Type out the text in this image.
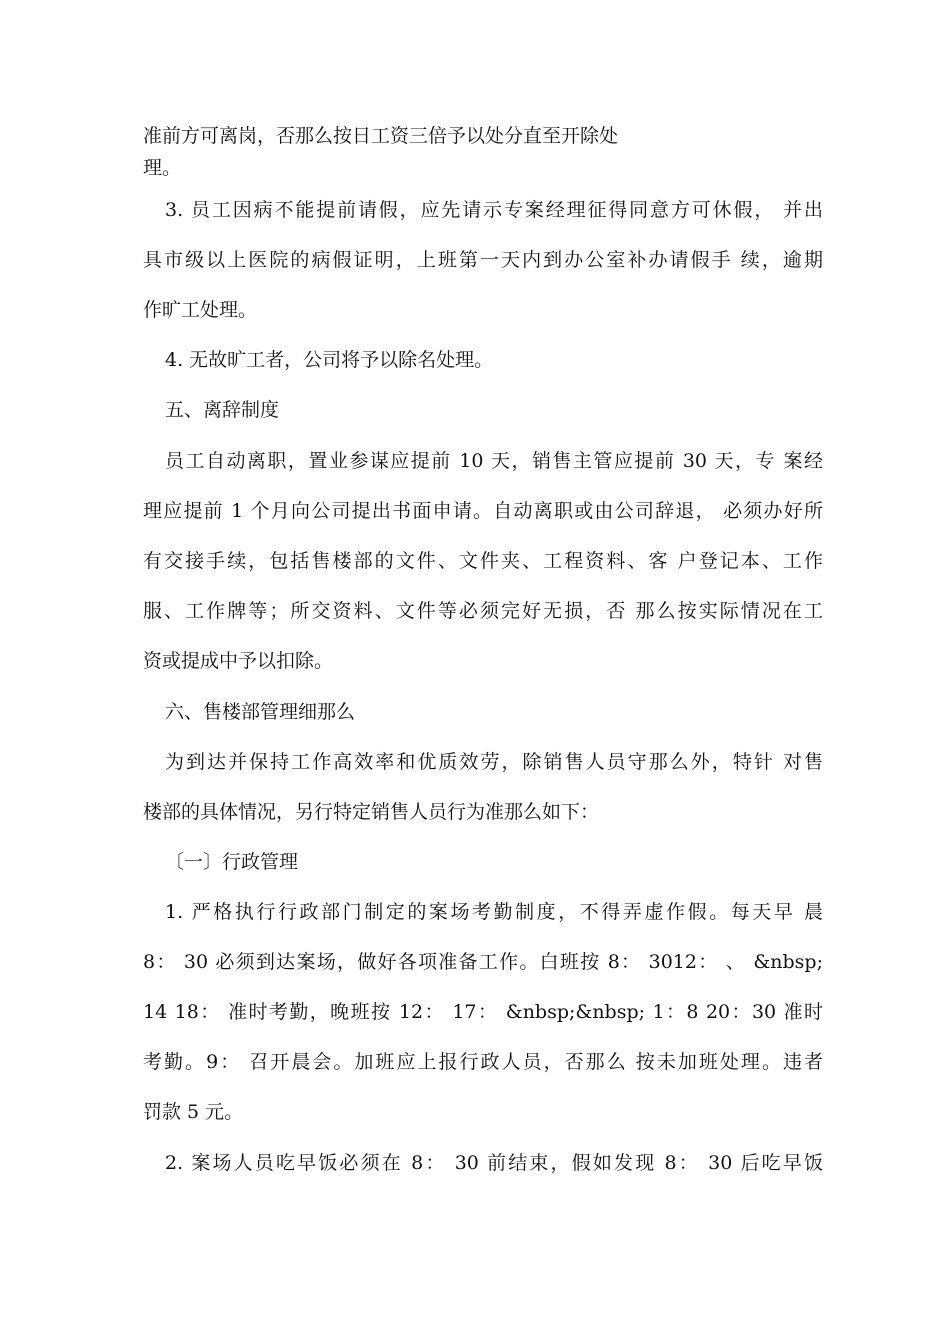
准前方可离岗，否那么按日工资三倍予以处分直至开除处
理。
3. 员工因病不能提前请假，应先请示专案经理征得同意方可休假， 并出
具市级以上医院的病假证明，上班第一天内到办公室补办请假手 续，逾期
作旷工处理。
4. 无故旷工者，公司将予以除名处理。
五、离辞制度
员工自动离职，置业参谋应提前 10 天，销售主管应提前 30 天，专 案经
理应提前 1 个月向公司提出书面申请。自动离职或由公司辞退， 必须办好所
有交接手续，包括售楼部的文件、文件夹、工程资料、客 户登记本、工作
服、工作牌等；所交资料、文件等必须完好无损，否 那么按实际情况在工
资或提成中予以扣除。
六、售楼部管理细那么
为到达并保持工作高效率和优质效劳，除销售人员守那么外，特针 对售
楼部的具体情况，另行特定销售人员行为准那么如下：
〔一〕行政管理
1. 严格执行行政部门制定的案场考勤制度，不得弄虚作假。每天早 晨
8： 30 必须到达案场，做好各项准备工作。白班按 8： 3012： 、 &nbsp;
14 18： 准时考勤，晚班按 12： 17： &nbsp;&nbsp; 1：8 20：30 准时
考勤。9： 召开晨会。加班应上报行政人员，否那么 按未加班处理。违者
罚款 5 元。
2. 案场人员吃早饭必须在 8： 30 前结束，假如发现 8： 30 后吃早饭
